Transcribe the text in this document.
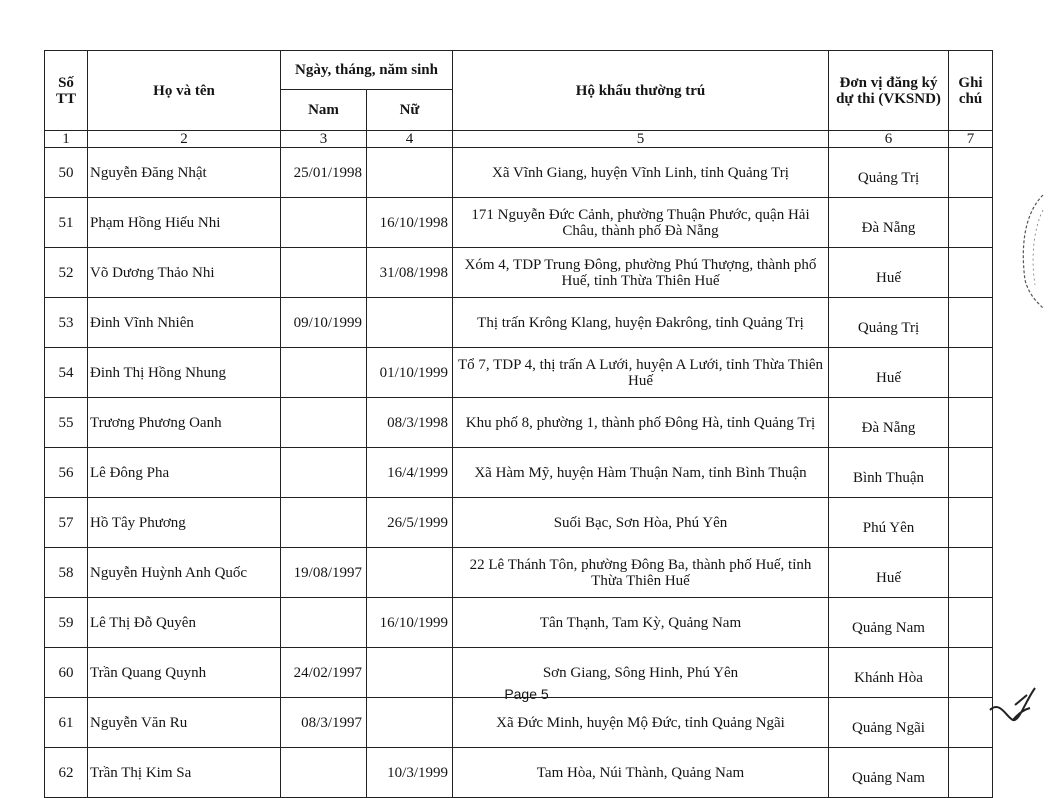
Số TT	Họ và tên	Ngày, tháng, năm sinh		Hộ khẩu thường trú	Đơn vị đăng ký dự thi (VKSND)	Ghi chú
		Nam	Nữ			
1	2	3	4	5	6	7
50	Nguyễn Đăng Nhật	25/01/1998		Xã Vĩnh Giang, huyện Vĩnh Linh, tỉnh Quảng Trị	Quảng Trị	
51	Phạm Hồng Hiếu Nhi		16/10/1998	171 Nguyễn Đức Cảnh, phường Thuận Phước, quận Hải Châu, thành phố Đà Nẵng	Đà Nẵng	
52	Võ Dương Thảo Nhi		31/08/1998	Xóm 4, TDP Trung Đông, phường Phú Thượng, thành phố Huế, tỉnh Thừa Thiên Huế	Huế	
53	Đinh Vĩnh Nhiên	09/10/1999		Thị trấn Krông Klang, huyện Đakrông, tỉnh Quảng Trị	Quảng Trị	
54	Đinh Thị Hồng Nhung		01/10/1999	Tổ 7, TDP 4, thị trấn A Lưới, huyện A Lưới, tỉnh Thừa Thiên Huế	Huế	
55	Trương Phương Oanh		08/3/1998	Khu phố 8, phường 1, thành phố Đông Hà, tỉnh Quảng Trị	Đà Nẵng	
56	Lê Đông Pha		16/4/1999	Xã Hàm Mỹ, huyện Hàm Thuận Nam, tỉnh Bình Thuận	Bình Thuận	
57	Hồ Tây Phương		26/5/1999	Suối Bạc, Sơn Hòa, Phú Yên	Phú Yên	
58	Nguyễn Huỳnh Anh Quốc	19/08/1997		22 Lê Thánh Tôn, phường Đông Ba, thành phố Huế, tỉnh Thừa Thiên Huế	Huế	
59	Lê Thị Đỗ Quyên		16/10/1999	Tân Thạnh, Tam Kỳ, Quảng Nam	Quảng Nam	
60	Trần Quang Quynh	24/02/1997		Sơn Giang, Sông Hinh, Phú Yên	Khánh Hòa	
61	Nguyễn Văn Ru	08/3/1997		Xã Đức Minh, huyện Mộ Đức, tỉnh Quảng Ngãi	Quảng Ngãi	
62	Trần Thị Kim Sa		10/3/1999	Tam Hòa, Núi Thành, Quảng Nam	Quảng Nam	
Page 5
